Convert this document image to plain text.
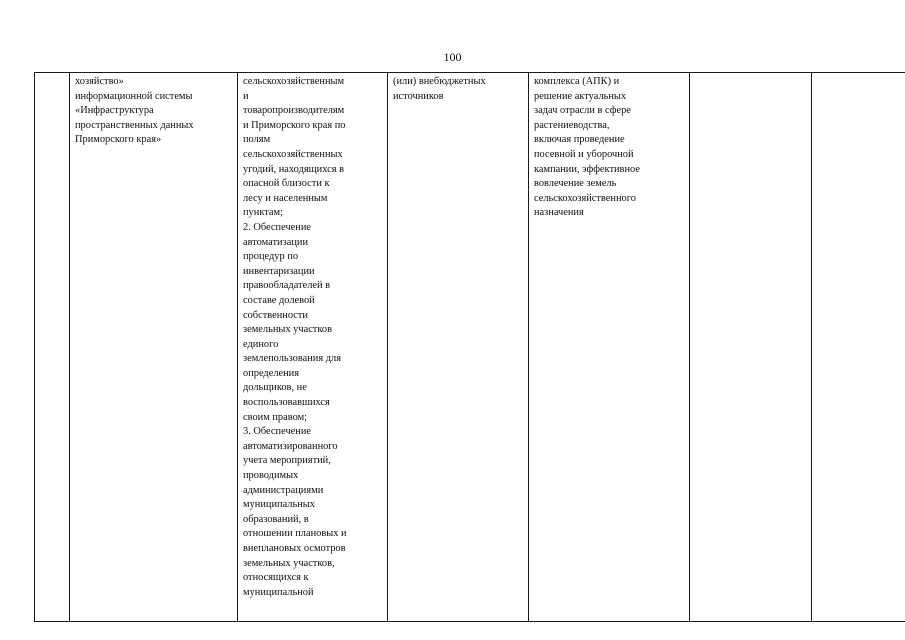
100

хозяйство»
информационной системы
«Инфраструктура
пространственных данных
Приморского края»

сельскохозяйственным
и
товаропроизводителям
и Приморского края по
полям
сельскохозяйственных
угодий, находящихся в
опасной близости к
лесу и населенным
пунктам;
2. Обеспечение
автоматизации
процедур по
инвентаризации
правообладателей в
составе долевой
собственности
земельных участков
единого
землепользования для
определения
дольщиков, не
воспользовавшихся
своим правом;
3. Обеспечение
автоматизированного
учета мероприятий,
проводимых
администрациями
муниципальных
образований, в
отношении плановых и
внеплановых осмотров
земельных участков,
относящихся к
муниципальной

(или) внебюджетных
источников

комплекса (АПК) и
решение актуальных
задач отрасли в сфере
растениеводства,
включая проведение
посевной и уборочной
кампании, эффективное
вовлечение земель
сельскохозяйственного
назначения
